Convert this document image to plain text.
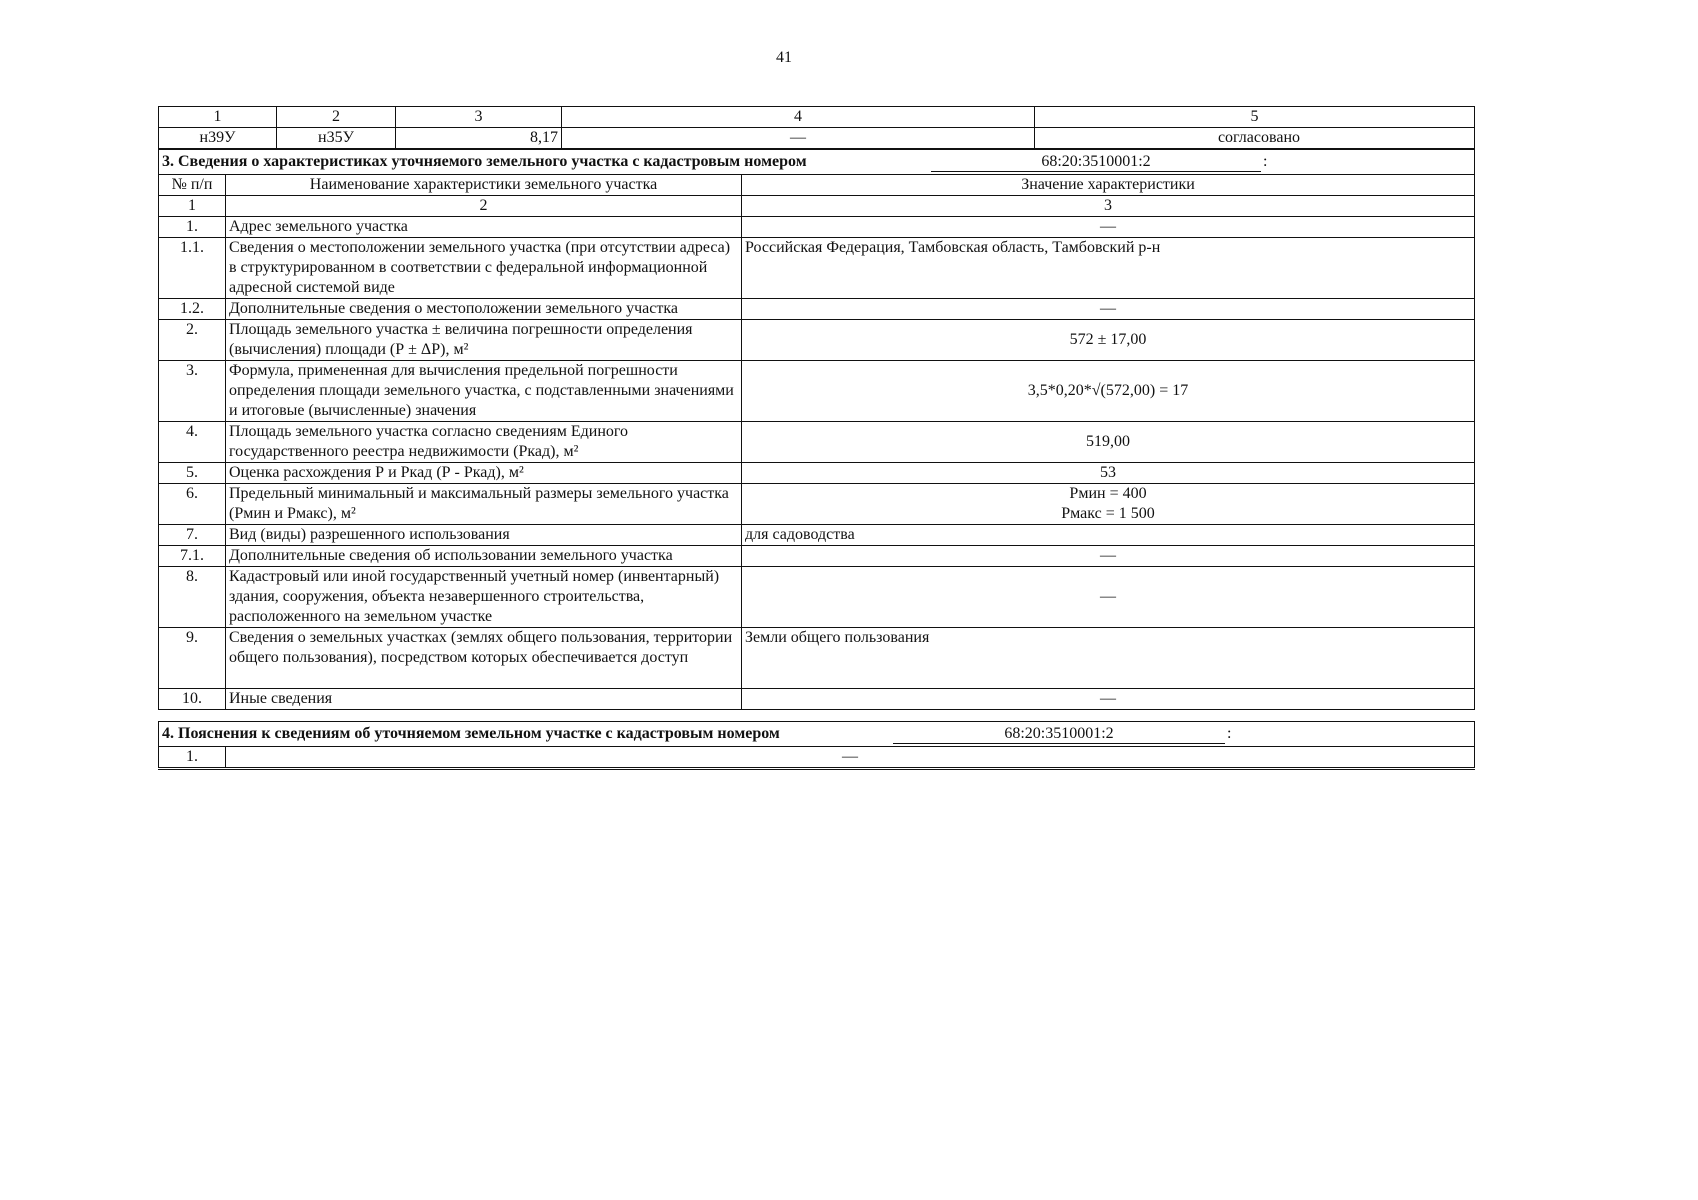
41
1	2	3	4	5
н39У	н35У	8,17	—	согласовано
3. Сведения о характеристиках уточняемого земельного участка с кадастровым номером 68:20:3510001:2 :		

№ п/п	Наименование характеристики земельного участка	Значение характеристики
1	2	3
1.	Адрес земельного участка	—
1.1.	Сведения о местоположении земельного участка (при отсутствии адреса) в структурированном в соответствии с федеральной информационной адресной системой виде	Российская Федерация, Тамбовская область, Тамбовский р-н
1.2.	Дополнительные сведения о местоположении земельного участка	—
2.	Площадь земельного участка ± величина погрешности определения (вычисления) площади (Р ± ΔР), м²	572 ± 17,00
3.	Формула, примененная для вычисления предельной погрешности определения площади земельного участка, с подставленными значениями и итоговые (вычисленные) значения	3,5*0,20*√(572,00) = 17
4.	Площадь земельного участка согласно сведениям Единого государственного реестра недвижимости (Ркад), м²	519,00
5.	Оценка расхождения Р и Ркад (Р - Ркад), м²	53
6.	Предельный минимальный и максимальный размеры земельного участка (Рмин и Рмакс), м²	Рмин = 400
Рмакс = 1 500

7.	Вид (виды) разрешенного использования	для садоводства
7.1.	Дополнительные сведения об использовании земельного участка	—
8.	Кадастровый или иной государственный учетный номер (инвентарный) здания, сооружения, объекта незавершенного строительства, расположенного на земельном участке	—
9.	Сведения о земельных участках (землях общего пользования, территории общего пользования), посредством которых обеспечивается доступ	Земли общего пользования
10.	Иные сведения	—
4. Пояснения к сведениям об уточняемом земельном участке с кадастровым номером	68:20:3510001:2	:

1.	—
